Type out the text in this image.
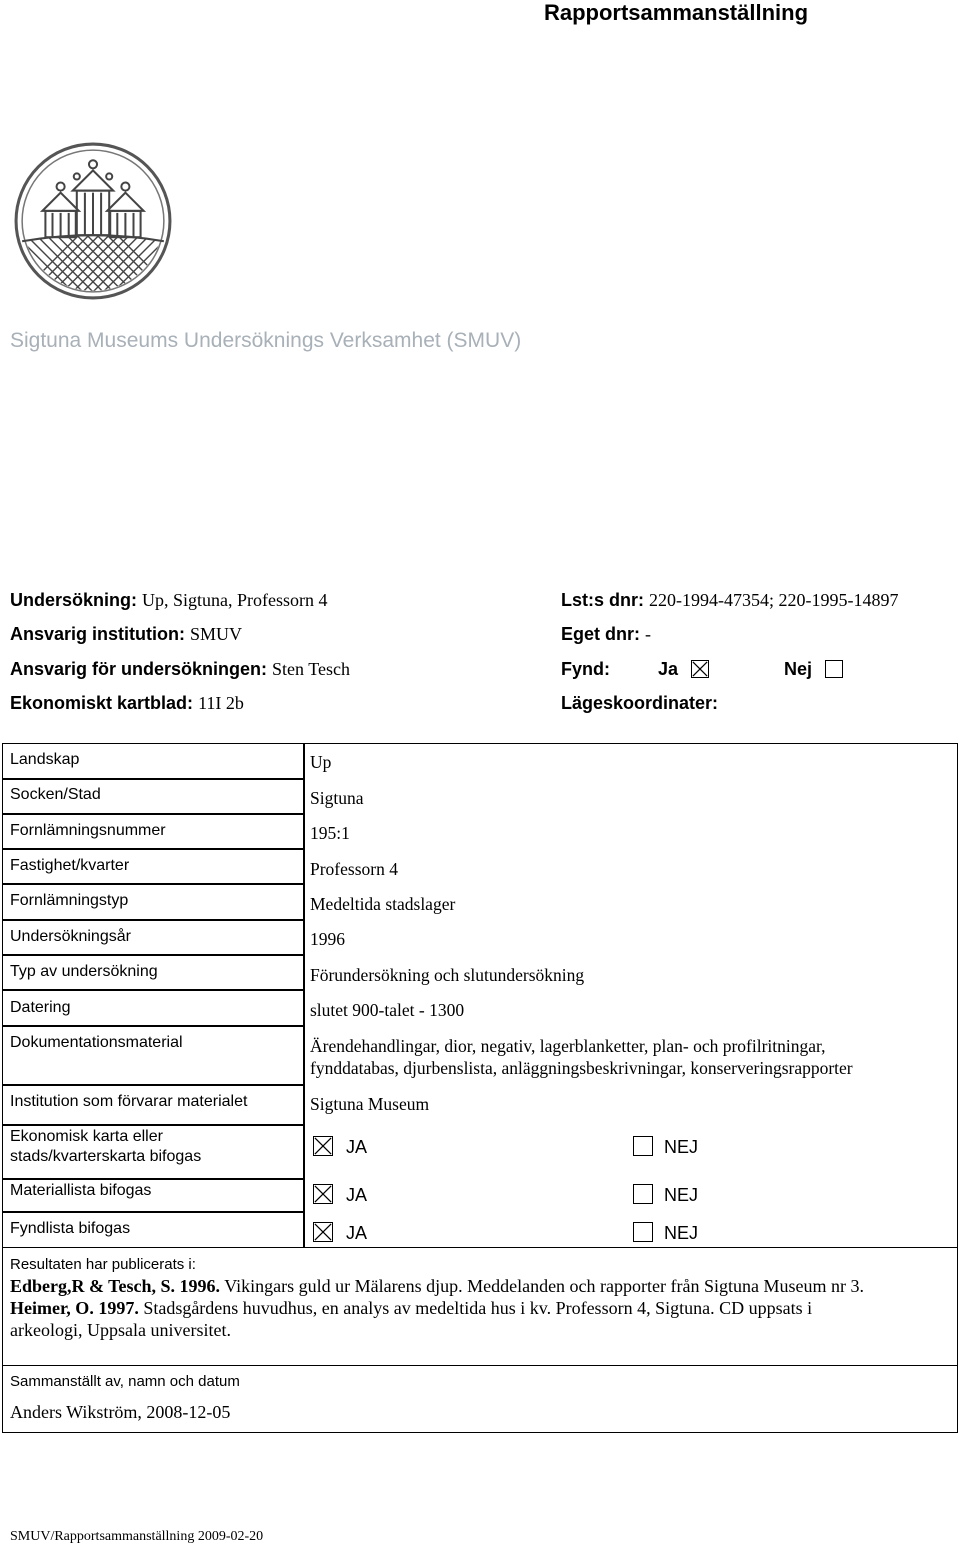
Rapportsammanställning
Sigtuna Museums Undersöknings Verksamhet (SMUV)
Undersökning: Up, Sigtuna, Professorn 4
Ansvarig institution: SMUV
Ansvarig för undersökningen: Sten Tesch
Ekonomiskt kartblad: 11I 2b
Lst:s dnr: 220-1994-47354; 220-1995-14897
Eget dnr: -
Fynd:	Ja	Nej
Lägeskoordinater:
Landskap	Up
Socken/Stad	Sigtuna
Fornlämningsnummer	195:1
Fastighet/kvarter	Professorn 4
Fornlämningstyp	Medeltida stadslager
Undersökningsår	1996
Typ av undersökning	Förundersökning och slutundersökning
Datering	slutet 900-talet - 1300
Dokumentationsmaterial	Ärendehandlingar, dior, negativ, lagerblanketter, plan- och profilritningar,
fynddatabas, djurbenslista, anläggningsbeskrivningar, konserveringsrapporter
Institution som förvarar materialet	Sigtuna Museum
Ekonomisk karta eller
stads/kvarterskarta bifogas	JA	NEJ
Materiallista bifogas	JA	NEJ
Fyndlista bifogas	JA	NEJ
Resultaten har publicerats i:
Edberg,R & Tesch, S. 1996. Vikingars guld ur Mälarens djup. Meddelanden och rapporter från Sigtuna Museum nr 3.
Heimer, O. 1997. Stadsgårdens huvudhus, en analys av medeltida hus i kv. Professorn 4, Sigtuna. CD uppsats i
arkeologi, Uppsala universitet.
Sammanställt av, namn och datum
Anders Wikström, 2008-12-05
SMUV/Rapportsammanställning 2009-02-20
